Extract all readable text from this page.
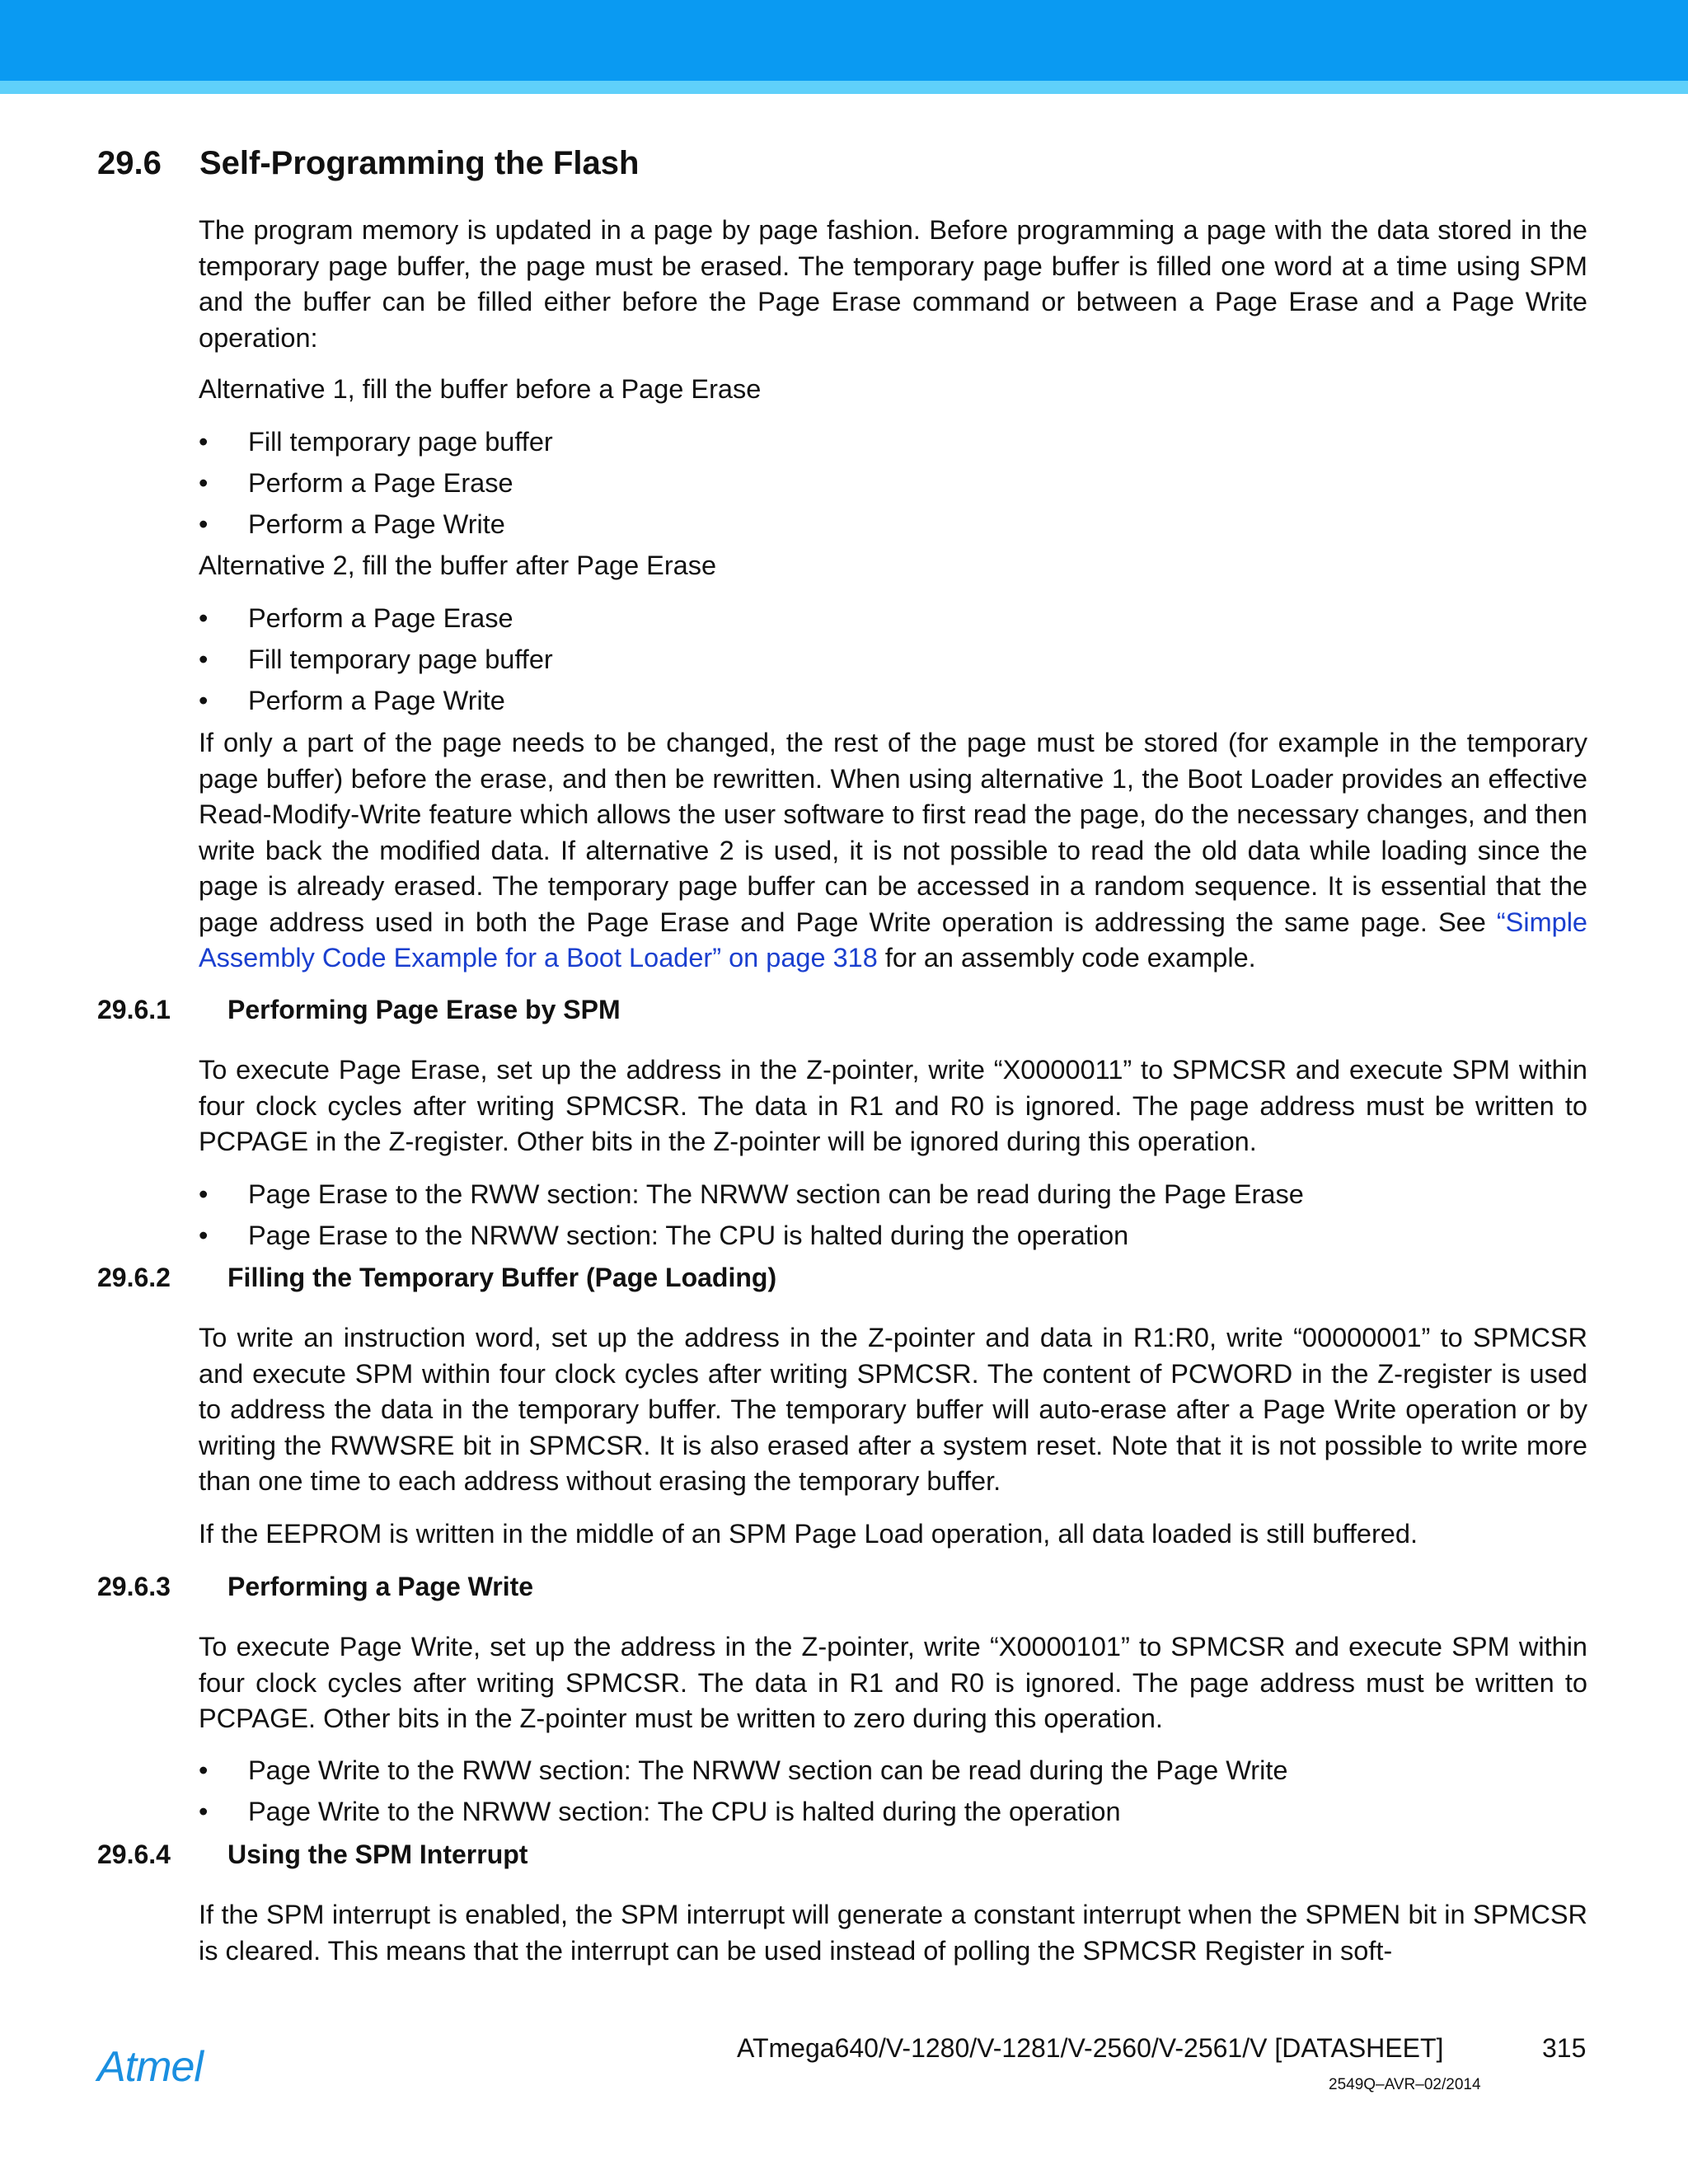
29.6 Self-Programming the Flash
The program memory is updated in a page by page fashion. Before programming a page with the data stored in the temporary page buffer, the page must be erased. The temporary page buffer is filled one word at a time using SPM and the buffer can be filled either before the Page Erase command or between a Page Erase and a Page Write operation:
Alternative 1, fill the buffer before a Page Erase
• Fill temporary page buffer
• Perform a Page Erase
• Perform a Page Write
Alternative 2, fill the buffer after Page Erase
• Perform a Page Erase
• Fill temporary page buffer
• Perform a Page Write
If only a part of the page needs to be changed, the rest of the page must be stored (for example in the temporary page buffer) before the erase, and then be rewritten. When using alternative 1, the Boot Loader provides an effective Read-Modify-Write feature which allows the user software to first read the page, do the necessary changes, and then write back the modified data. If alternative 2 is used, it is not possible to read the old data while loading since the page is already erased. The temporary page buffer can be accessed in a random sequence. It is essential that the page address used in both the Page Erase and Page Write operation is addressing the same page. See “Simple Assembly Code Example for a Boot Loader” on page 318 for an assembly code example.
29.6.1 Performing Page Erase by SPM
To execute Page Erase, set up the address in the Z-pointer, write “X0000011” to SPMCSR and execute SPM within four clock cycles after writing SPMCSR. The data in R1 and R0 is ignored. The page address must be written to PCPAGE in the Z-register. Other bits in the Z-pointer will be ignored during this operation.
• Page Erase to the RWW section: The NRWW section can be read during the Page Erase
• Page Erase to the NRWW section: The CPU is halted during the operation
29.6.2 Filling the Temporary Buffer (Page Loading)
To write an instruction word, set up the address in the Z-pointer and data in R1:R0, write “00000001” to SPMCSR and execute SPM within four clock cycles after writing SPMCSR. The content of PCWORD in the Z-register is used to address the data in the temporary buffer. The temporary buffer will auto-erase after a Page Write operation or by writing the RWWSRE bit in SPMCSR. It is also erased after a system reset. Note that it is not possible to write more than one time to each address without erasing the temporary buffer.
If the EEPROM is written in the middle of an SPM Page Load operation, all data loaded is still buffered.
29.6.3 Performing a Page Write
To execute Page Write, set up the address in the Z-pointer, write “X0000101” to SPMCSR and execute SPM within four clock cycles after writing SPMCSR. The data in R1 and R0 is ignored. The page address must be written to PCPAGE. Other bits in the Z-pointer must be written to zero during this operation.
• Page Write to the RWW section: The NRWW section can be read during the Page Write
• Page Write to the NRWW section: The CPU is halted during the operation
29.6.4 Using the SPM Interrupt
If the SPM interrupt is enabled, the SPM interrupt will generate a constant interrupt when the SPMEN bit in SPMCSR is cleared. This means that the interrupt can be used instead of polling the SPMCSR Register in soft-
Atmel	ATmega640/V-1280/V-1281/V-2560/V-2561/V [DATASHEET]	315
2549Q–AVR–02/2014
